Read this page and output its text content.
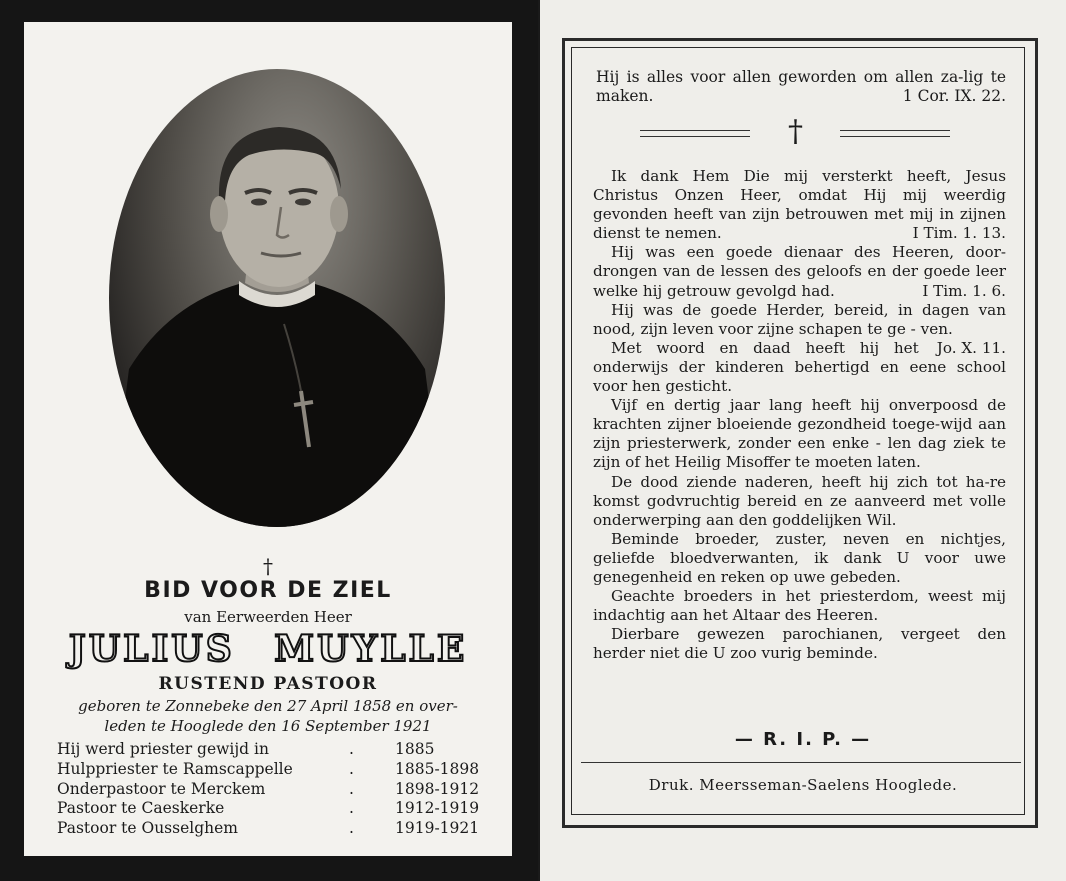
†
BID VOOR DE ZIEL
van Eerweerden Heer
JULIUS MUYLLE
RUSTEND PASTOOR
geboren te Zonnebeke den 27 April 1858 en over-
leden te Hooglede den 16 September 1921
Hij werd priester gewijd in	.	1885
Hulppriester te Ramscappelle	.	1885-1898
Onderpastoor te Merckem	.	1898-1912
Pastoor te Caeskerke	.	1912-1919
Pastoor te Ousselghem	.	1919-1921
Hij is alles voor allen geworden om allen za-lig te maken.	1 Cor. IX. 22.
†

Ik dank Hem Die mij versterkt heeft, Jesus Christus Onzen Heer, omdat Hij mij weerdig gevonden heeft van zijn betrouwen met mij in zijnen dienst te nemen.	I Tim. 1. 13.

Hij was een goede dienaar des Heeren, door-drongen van de lessen des geloofs en der goede leer welke hij getrouw gevolgd had.	I Tim. 1. 6.

Hij was de goede Herder, bereid, in dagen van nood, zijn leven voor zijne schapen te ge - ven.
Jo. X. 11.

Met woord en daad heeft hij het onderwijs der kinderen behertigd en eene school voor hen gesticht.

Vijf en dertig jaar lang heeft hij onverpoosd de krachten zijner bloeiende gezondheid toege-wijd aan zijn priesterwerk, zonder een enke - len dag ziek te zijn of het Heilig Misoffer te moeten laten.

De dood ziende naderen, heeft hij zich tot ha-re komst godvruchtig bereid en ze aanveerd met volle onderwerping aan den goddelijken Wil.

Beminde broeder, zuster, neven en nichtjes, geliefde bloedverwanten, ik dank U voor uwe genegenheid en reken op uwe gebeden.

Geachte broeders in het priesterdom, weest mij indachtig aan het Altaar des Heeren.

Dierbare gewezen parochianen, vergeet den herder niet die U zoo vurig beminde.

— R. I. P. —
Druk. Meersseman-Saelens Hooglede.
